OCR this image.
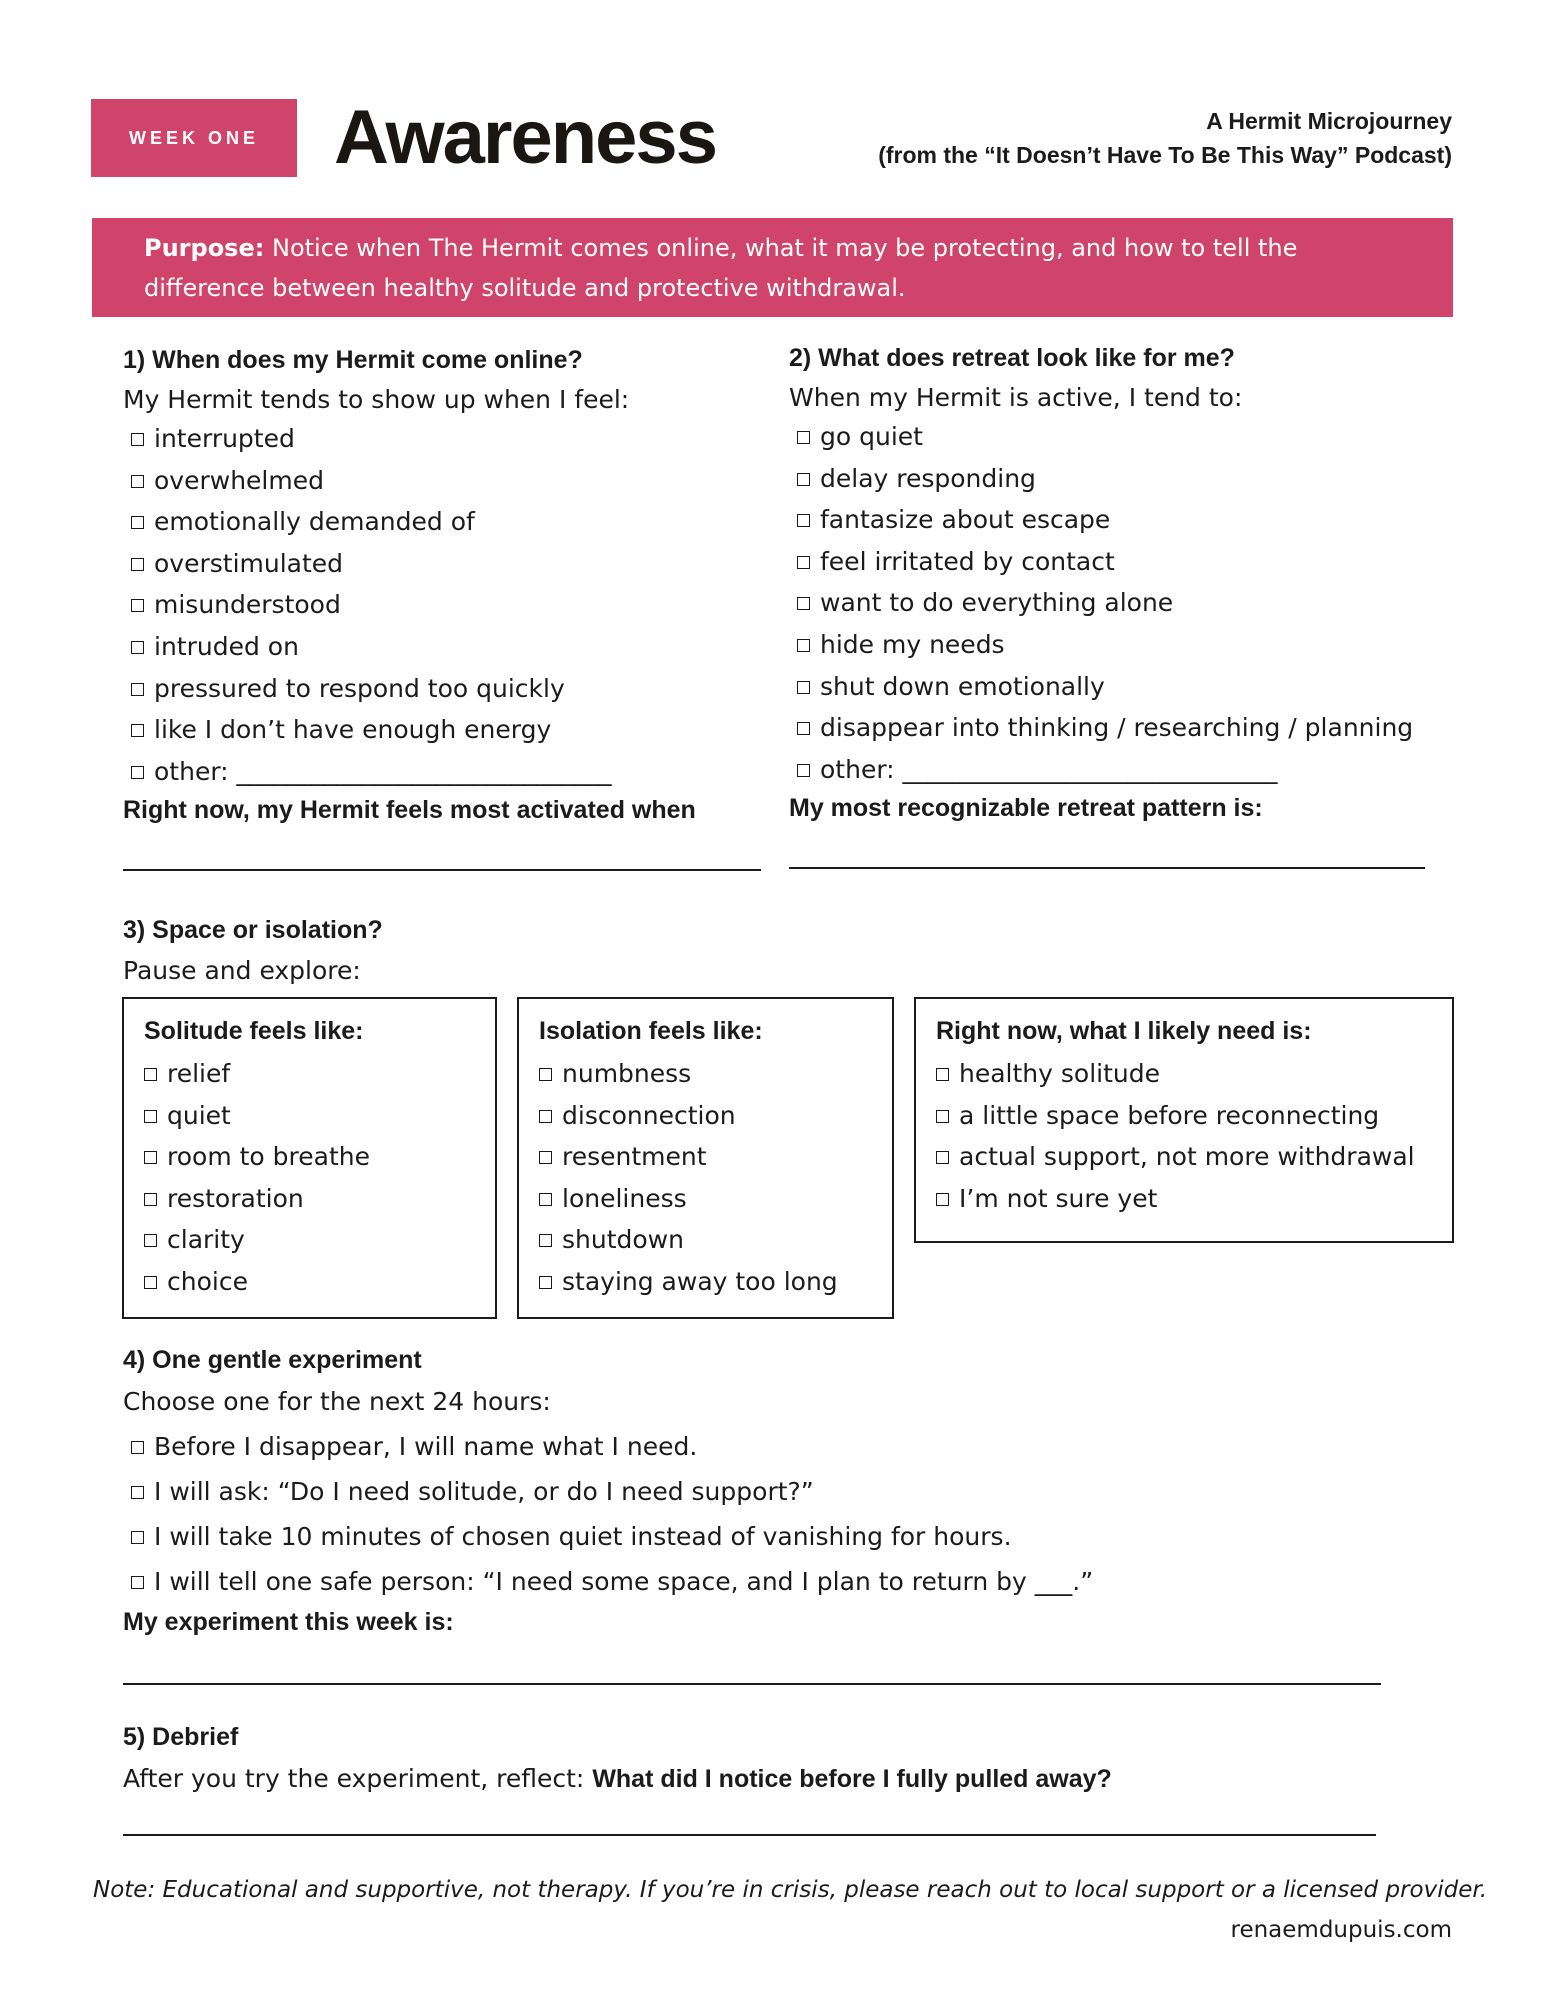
WEEK ONE Awareness	A Hermit Microjourney
(from the “It Doesn’t Have To Be This Way” Podcast)
Purpose: Notice when The Hermit comes online, what it may be protecting, and how to tell the difference between healthy solitude and protective withdrawal.
1) When does my Hermit come online?
My Hermit tends to show up when I feel:
interrupted
overwhelmed
emotionally demanded of
overstimulated
misunderstood
intruded on
pressured to respond too quickly
like I don’t have enough energy
other: ______________________________
Right now, my Hermit feels most activated when
2) What does retreat look like for me?
When my Hermit is active, I tend to:
go quiet
delay responding
fantasize about escape
feel irritated by contact
want to do everything alone
hide my needs
shut down emotionally
disappear into thinking / researching / planning
other: ______________________________
My most recognizable retreat pattern is:
3) Space or isolation?
Pause and explore:
Solitude feels like:
relief
quiet
room to breathe
restoration
clarity
choice
Isolation feels like:
numbness
disconnection
resentment
loneliness
shutdown
staying away too long
Right now, what I likely need is:
healthy solitude
a little space before reconnecting
actual support, not more withdrawal
I’m not sure yet
4) One gentle experiment
Choose one for the next 24 hours:
Before I disappear, I will name what I need.
I will ask: “Do I need solitude, or do I need support?”
I will take 10 minutes of chosen quiet instead of vanishing for hours.
I will tell one safe person: “I need some space, and I plan to return by ___.”
My experiment this week is:
5) Debrief
After you try the experiment, reflect: What did I notice before I fully pulled away?
Note: Educational and supportive, not therapy. If you’re in crisis, please reach out to local support or a licensed provider.
renaemdupuis.com
